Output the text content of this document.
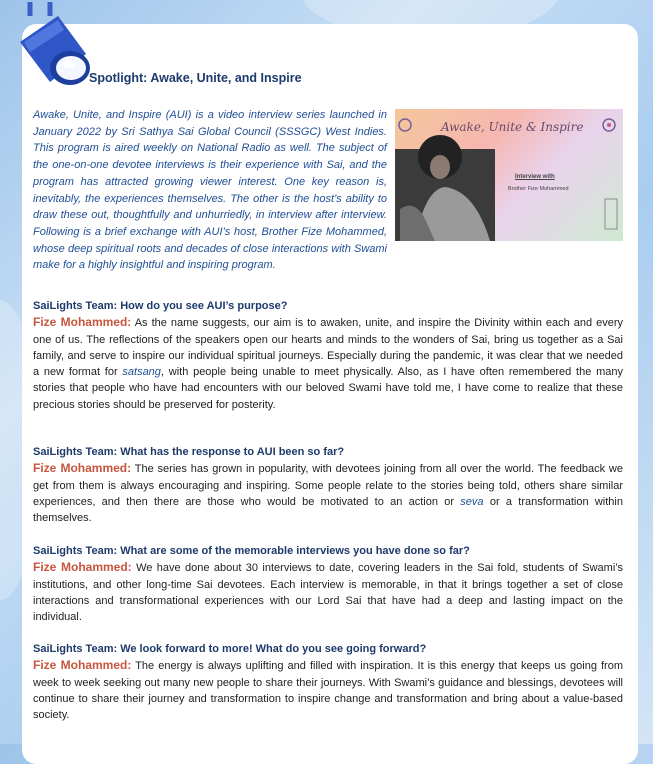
Spotlight: Awake, Unite, and Inspire
Awake, Unite & Inspire
Interview with
Brother Fize Mohammed
Awake, Unite, and Inspire (AUI) is a video interview series launched in January 2022 by Sri Sathya Sai Global Council (SSSGC) West Indies. This program is aired weekly on National Radio as well. The subject of the one-on-one devotee interviews is their experience with Sai, and the program has attracted growing viewer interest. One key reason is, inevitably, the experiences themselves. The other is the host’s ability to draw these out, thoughtfully and unhurriedly, in interview after interview. Following is a brief exchange with AUI’s host, Brother Fize Mohammed, whose deep spiritual roots and decades of close interactions with Swami make for a highly insightful and inspiring program.

SaiLights Team: How do you see AUI’s purpose?

Fize Mohammed: As the name suggests, our aim is to awaken, unite, and inspire the Divinity within each and every one of us. The reflections of the speakers open our hearts and minds to the wonders of Sai, bring us together as a Sai family, and serve to inspire our individual spiritual journeys. Especially during the pandemic, it was clear that we needed a new format for satsang, with people being unable to meet physically. Also, as I have often remembered the many stories that people who have had encounters with our beloved Swami have told me, I have come to realize that these precious stories should be preserved for posterity.

SaiLights Team: What has the response to AUI been so far?

Fize Mohammed: The series has grown in popularity, with devotees joining from all over the world. The feedback we get from them is always encouraging and inspiring. Some people relate to the stories being told, others share similar experiences, and then there are those who would be motivated to an action or seva or a transformation within themselves.

SaiLights Team: What are some of the memorable interviews you have done so far?

Fize Mohammed: We have done about 30 interviews to date, covering leaders in the Sai fold, students of Swami’s institutions, and other long-time Sai devotees. Each interview is memorable, in that it brings together a set of close interactions and transformational experiences with our Lord Sai that have had a deep and lasting impact on the individual.

SaiLights Team: We look forward to more! What do you see going forward?

Fize Mohammed: The energy is always uplifting and filled with inspiration. It is this energy that keeps us going from week to week seeking out many new people to share their journeys. With Swami’s guidance and blessings, devotees will continue to share their journey and transformation to inspire change and transformation and bring about a value-based society.
